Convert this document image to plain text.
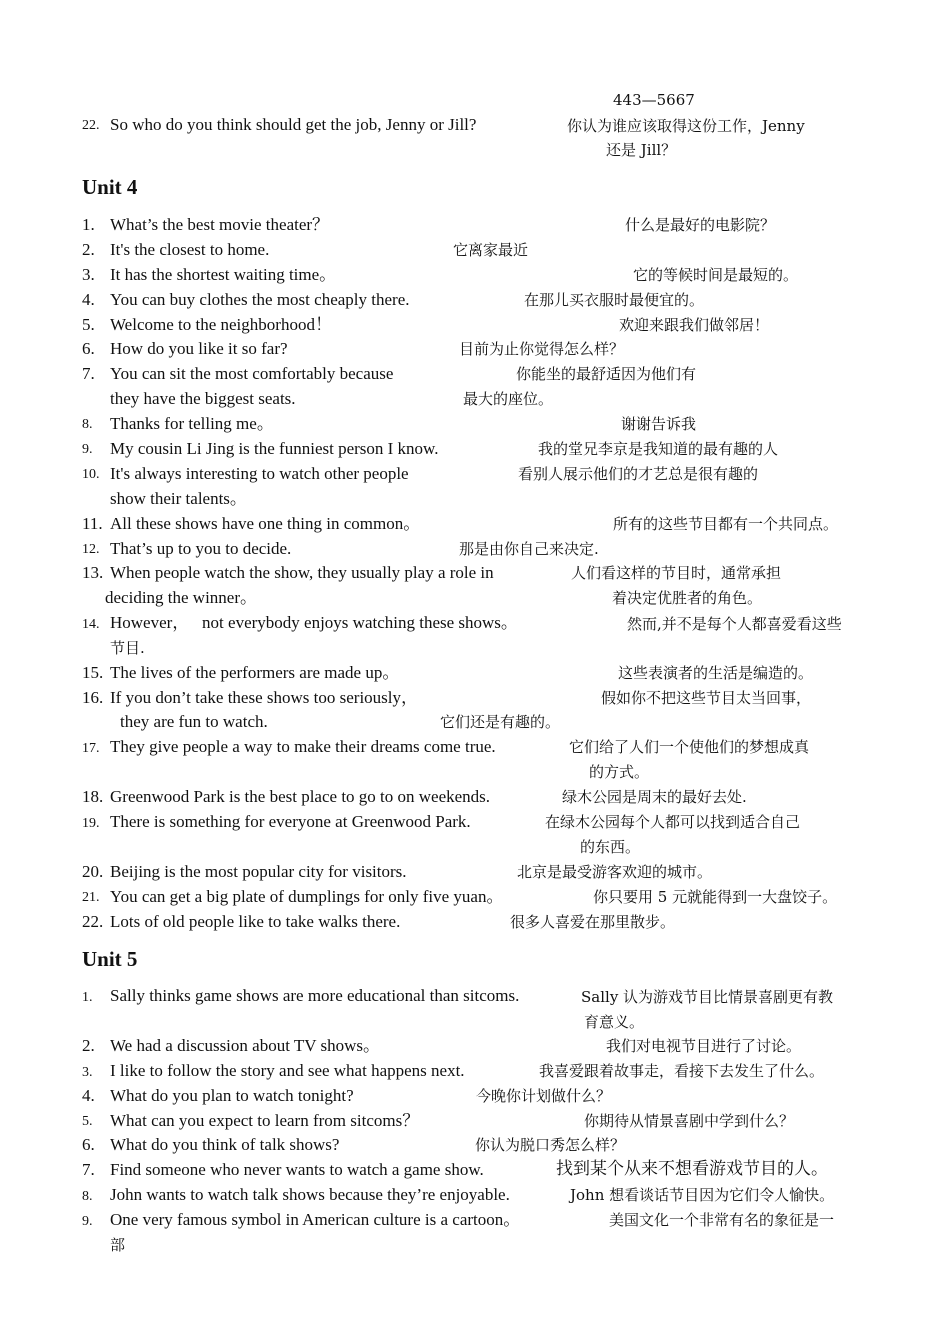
443—5667
22. So who do you think should get the job, Jenny or Jill?	你认为谁应该取得这份工作，Jenny
还是 Jill？
Unit 4
1. What’s the best movie theater？	什么是最好的电影院？
2. It's the closest to home.	它离家最近
3. It has the shortest waiting time。	它的等候时间是最短的。
4. You can buy clothes the most cheaply there.	在那儿买衣服时最便宜的。
5. Welcome to the neighborhood！	欢迎来跟我们做邻居！
6. How do you like it so far?	目前为止你觉得怎么样？
7. You can sit the most comfortably because	你能坐的最舒适因为他们有
they have the biggest seats.	最大的座位。
8. Thanks for telling me。	谢谢告诉我
9. My cousin Li Jing is the funniest person I know.	我的堂兄李京是我知道的最有趣的人
10. It's always interesting to watch other people	看别人展示他们的才艺总是很有趣的
show their talents。
11. All these shows have one thing in common。	所有的这些节目都有一个共同点。
12. That’s up to you to decide.	那是由你自己来决定.
13. When people watch the show, they usually play a role in	人们看这样的节目时，通常承担
deciding the winner。	着决定优胜者的角色。
14. However，   not everybody enjoys watching these shows。	然而,并不是每个人都喜爱看这些
节目.
15. The lives of the performers are made up。	这些表演者的生活是编造的。
16. If you don’t take these shows too seriously，	假如你不把这些节目太当回事，
they are fun to watch.	它们还是有趣的。
17. They give people a way to make their dreams come true.	它们给了人们一个使他们的梦想成真
的方式。
18. Greenwood Park is the best place to go to on weekends.	绿木公园是周末的最好去处.
19. There is something for everyone at Greenwood Park.	在绿木公园每个人都可以找到适合自己
的东西。
20. Beijing is the most popular city for visitors.	北京是最受游客欢迎的城市。
21. You can get a big plate of dumplings for only five yuan。	你只要用 5 元就能得到一大盘饺子。
22. Lots of old people like to take walks there.	很多人喜爱在那里散步。
Unit 5
1. Sally thinks game shows are more educational than sitcoms.	Sally 认为游戏节目比情景喜剧更有教
育意义。
2. We had a discussion about TV shows。	我们对电视节目进行了讨论。
3. I like to follow the story and see what happens next.	我喜爱跟着故事走，看接下去发生了什么。
4. What do you plan to watch tonight?	今晚你计划做什么？
5. What can you expect to learn from sitcoms？	你期待从情景喜剧中学到什么？
6. What do you think of talk shows?	你认为脱口秀怎么样？
7. Find someone who never wants to watch a game show.	找到某个从来不想看游戏节目的人。
8. John wants to watch talk shows because they’re enjoyable.	John 想看谈话节目因为它们令人愉快。
9. One very famous symbol in American culture is a cartoon。	美国文化一个非常有名的象征是一
部
